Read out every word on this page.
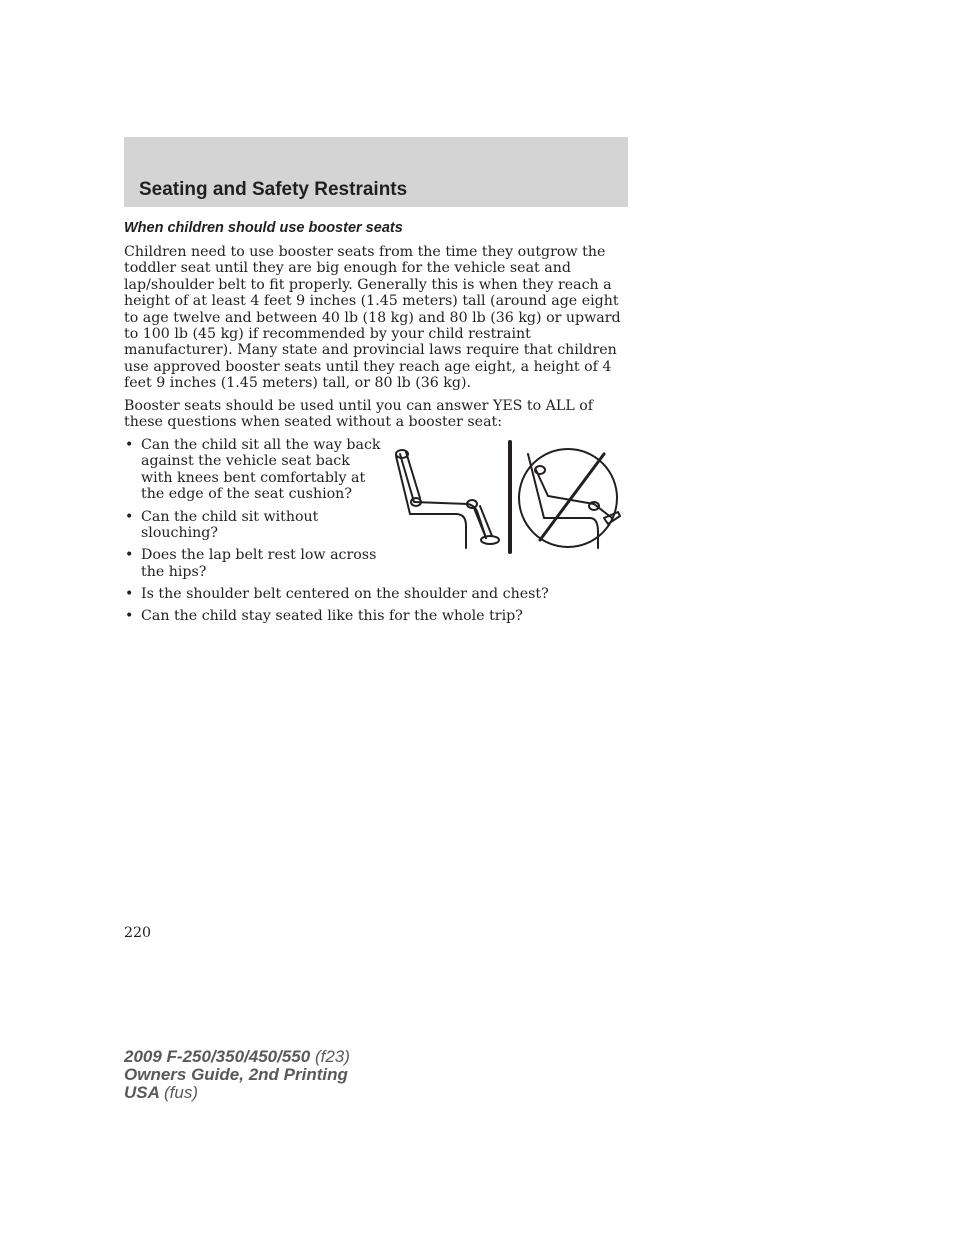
Seating and Safety Restraints
When children should use booster seats

Children need to use booster seats from the time they outgrow the toddler seat until they are big enough for the vehicle seat and lap/shoulder belt to fit properly. Generally this is when they reach a height of at least 4 feet 9 inches (1.45 meters) tall (around age eight to age twelve and between 40 lb (18 kg) and 80 lb (36 kg) or upward to 100 lb (45 kg) if recommended by your child restraint manufacturer). Many state and provincial laws require that children use approved booster seats until they reach age eight, a height of 4 feet 9 inches (1.45 meters) tall, or 80 lb (36 kg).

Booster seats should be used until you can answer YES to ALL of these questions when seated without a booster seat:

• Can the child sit all the way back against the vehicle seat back with knees bent comfortably at the edge of the seat cushion?
• Can the child sit without slouching?
• Does the lap belt rest low across the hips?
• Is the shoulder belt centered on the shoulder and chest?
• Can the child stay seated like this for the whole trip?

220

2009 F-250/350/450/550 (f23)
Owners Guide, 2nd Printing
USA (fus)
